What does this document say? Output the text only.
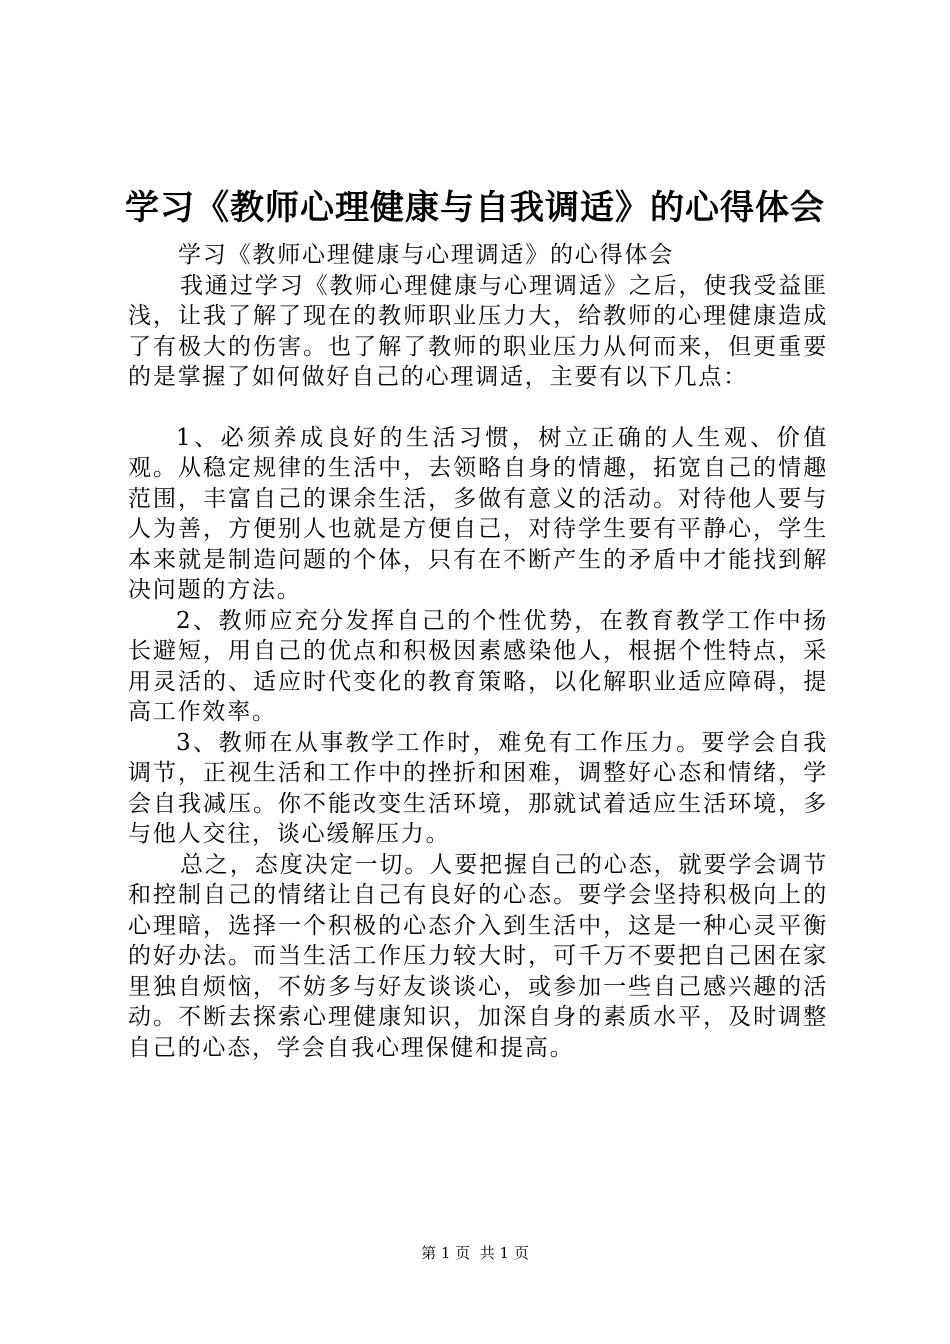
学习《教师心理健康与自我调适》的心得体会

学习《教师心理健康与心理调适》的心得体会

我通过学习《教师心理健康与心理调适》之后，使我受益匪浅，让我了解了现在的教师职业压力大，给教师的心理健康造成了有极大的伤害。也了解了教师的职业压力从何而来，但更重要的是掌握了如何做好自己的心理调适，主要有以下几点：

1、必须养成良好的生活习惯，树立正确的人生观、价值观。从稳定规律的生活中，去领略自身的情趣，拓宽自己的情趣范围，丰富自己的课余生活，多做有意义的活动。对待他人要与人为善，方便别人也就是方便自己，对待学生要有平静心，学生本来就是制造问题的个体，只有在不断产生的矛盾中才能找到解决问题的方法。

2、教师应充分发挥自己的个性优势，在教育教学工作中扬长避短，用自己的优点和积极因素感染他人，根据个性特点，采用灵活的、适应时代变化的教育策略，以化解职业适应障碍，提高工作效率。

3、教师在从事教学工作时，难免有工作压力。要学会自我调节，正视生活和工作中的挫折和困难，调整好心态和情绪，学会自我减压。你不能改变生活环境，那就试着适应生活环境，多与他人交往，谈心缓解压力。

总之，态度决定一切。人要把握自己的心态，就要学会调节和控制自己的情绪让自己有良好的心态。要学会坚持积极向上的心理暗，选择一个积极的心态介入到生活中，这是一种心灵平衡的好办法。而当生活工作压力较大时，可千万不要把自己困在家里独自烦恼，不妨多与好友谈谈心，或参加一些自己感兴趣的活动。不断去探索心理健康知识，加深自身的素质水平，及时调整自己的心态，学会自我心理保健和提高。

第 1 页  共 1 页
